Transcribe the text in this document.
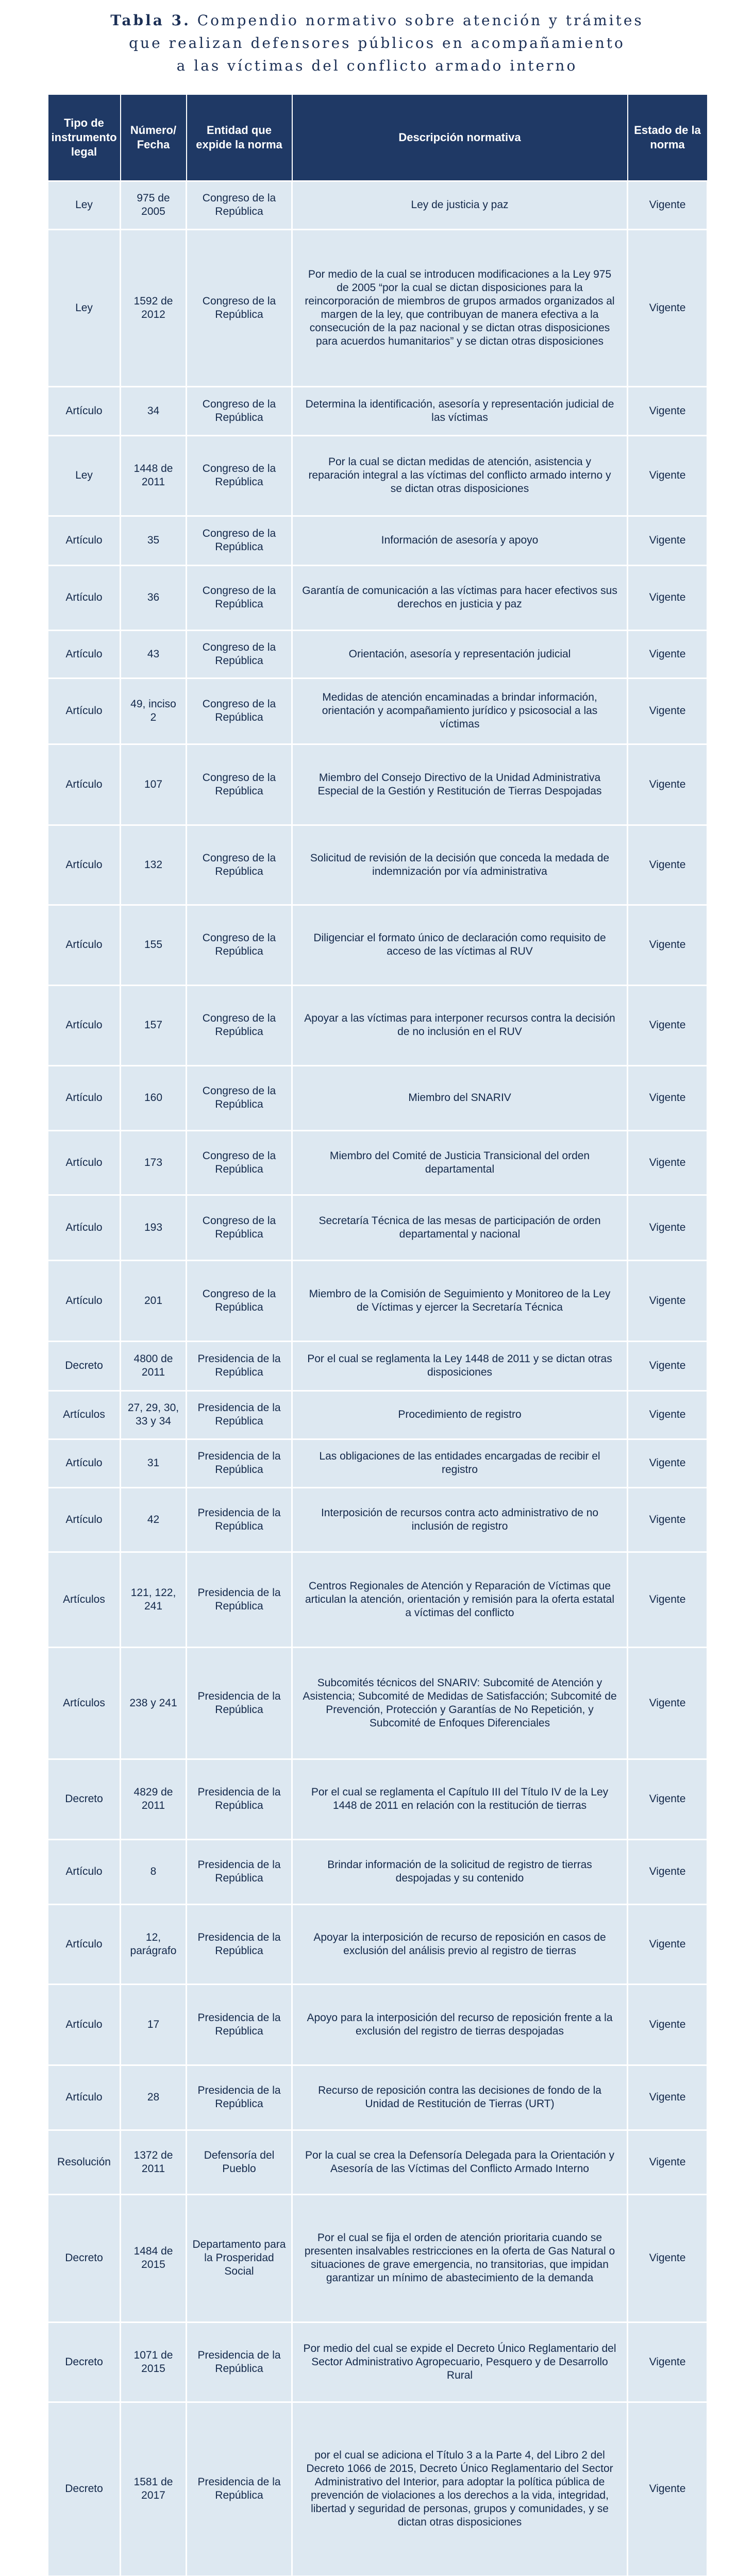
Tabla 3. Compendio normativo sobre atención y trámites
que realizan defensores públicos en acompañamiento
a las víctimas del conflicto armado interno
Tipo de instrumento legal	Número/ Fecha	Entidad que expide la norma	Descripción normativa	Estado de la norma
Ley	975 de 2005	Congreso de la República	Ley de justicia y paz	Vigente
Ley	1592 de 2012	Congreso de la República	Por medio de la cual se introducen modificaciones a la Ley 975 de 2005 “por la cual se dictan disposiciones para la reincorporación de miembros de grupos armados organizados al margen de la ley, que contribuyan de manera efectiva a la consecución de la paz nacional y se dictan otras disposiciones para acuerdos humanitarios” y se dictan otras disposiciones	Vigente
Artículo	34	Congreso de la República	Determina la identificación, asesoría y representación judicial de las víctimas	Vigente
Ley	1448 de 2011	Congreso de la República	Por la cual se dictan medidas de atención, asistencia y reparación integral a las víctimas del conflicto armado interno y se dictan otras disposiciones	Vigente
Artículo	35	Congreso de la República	Información de asesoría y apoyo	Vigente
Artículo	36	Congreso de la República	Garantía de comunicación a las víctimas para hacer efectivos sus derechos en justicia y paz	Vigente
Artículo	43	Congreso de la República	Orientación, asesoría y representación judicial	Vigente
Artículo	49, inciso 2	Congreso de la República	Medidas de atención encaminadas a brindar información, orientación y acompañamiento jurídico y psicosocial a las víctimas	Vigente
Artículo	107	Congreso de la República	Miembro del Consejo Directivo de la Unidad Administrativa Especial de la Gestión y Restitución de Tierras Despojadas	Vigente
Artículo	132	Congreso de la República	Solicitud de revisión de la decisión que conceda la medada de indemnización por vía administrativa	Vigente
Artículo	155	Congreso de la República	Diligenciar el formato único de declaración como requisito de acceso de las víctimas al RUV	Vigente
Artículo	157	Congreso de la República	Apoyar a las víctimas para interponer recursos contra la decisión de no inclusión en el RUV	Vigente
Artículo	160	Congreso de la República	Miembro del SNARIV	Vigente
Artículo	173	Congreso de la República	Miembro del Comité de Justicia Transicional del orden departamental	Vigente
Artículo	193	Congreso de la República	Secretaría Técnica de las mesas de participación de orden departamental y nacional	Vigente
Artículo	201	Congreso de la República	Miembro de la Comisión de Seguimiento y Monitoreo de la Ley de Víctimas y ejercer la Secretaría Técnica	Vigente
Decreto	4800 de 2011	Presidencia de la República	Por el cual se reglamenta la Ley 1448 de 2011 y se dictan otras disposiciones	Vigente
Artículos	27, 29, 30, 33 y 34	Presidencia de la República	Procedimiento de registro	Vigente
Artículo	31	Presidencia de la República	Las obligaciones de las entidades encargadas de recibir el registro	Vigente
Artículo	42	Presidencia de la República	Interposición de recursos contra acto administrativo de no inclusión de registro	Vigente
Artículos	121, 122, 241	Presidencia de la República	Centros Regionales de Atención y Reparación de Víctimas que articulan la atención, orientación y remisión para la oferta estatal a víctimas del conflicto	Vigente
Artículos	238 y 241	Presidencia de la República	Subcomités técnicos del SNARIV: Subcomité de Atención y Asistencia; Subcomité de Medidas de Satisfacción; Subcomité de Prevención, Protección y Garantías de No Repetición, y Subcomité de Enfoques Diferenciales	Vigente
Decreto	4829 de 2011	Presidencia de la República	Por el cual se reglamenta el Capítulo III del Título IV de la Ley 1448 de 2011 en relación con la restitución de tierras	Vigente
Artículo	8	Presidencia de la República	Brindar información de la solicitud de registro de tierras despojadas y su contenido	Vigente
Artículo	12, parágrafo	Presidencia de la República	Apoyar la interposición de recurso de reposición en casos de exclusión del análisis previo al registro de tierras	Vigente
Artículo	17	Presidencia de la República	Apoyo para la interposición del recurso de reposición frente a la exclusión del registro de tierras despojadas	Vigente
Artículo	28	Presidencia de la República	Recurso de reposición contra las decisiones de fondo de la Unidad de Restitución de Tierras (URT)	Vigente
Resolución	1372 de 2011	Defensoría del Pueblo	Por la cual se crea la Defensoría Delegada para la Orientación y Asesoría de las Víctimas del Conflicto Armado Interno	Vigente
Decreto	1484 de 2015	Departamento para la Prosperidad Social	Por el cual se fija el orden de atención prioritaria cuando se presenten insalvables restricciones en la oferta de Gas Natural o situaciones de grave emergencia, no transitorias, que impidan garantizar un mínimo de abastecimiento de la demanda	Vigente
Decreto	1071 de 2015	Presidencia de la República	Por medio del cual se expide el Decreto Único Reglamentario del Sector Administrativo Agropecuario, Pesquero y de Desarrollo Rural	Vigente
Decreto	1581 de 2017	Presidencia de la República	por el cual se adiciona el Título 3 a la Parte 4, del Libro 2 del Decreto 1066 de 2015, Decreto Único Reglamentario del Sector Administrativo del Interior, para adoptar la política pública de prevención de violaciones a los derechos a la vida, integridad, libertad y seguridad de personas, grupos y comunidades, y se dictan otras disposiciones	Vigente
